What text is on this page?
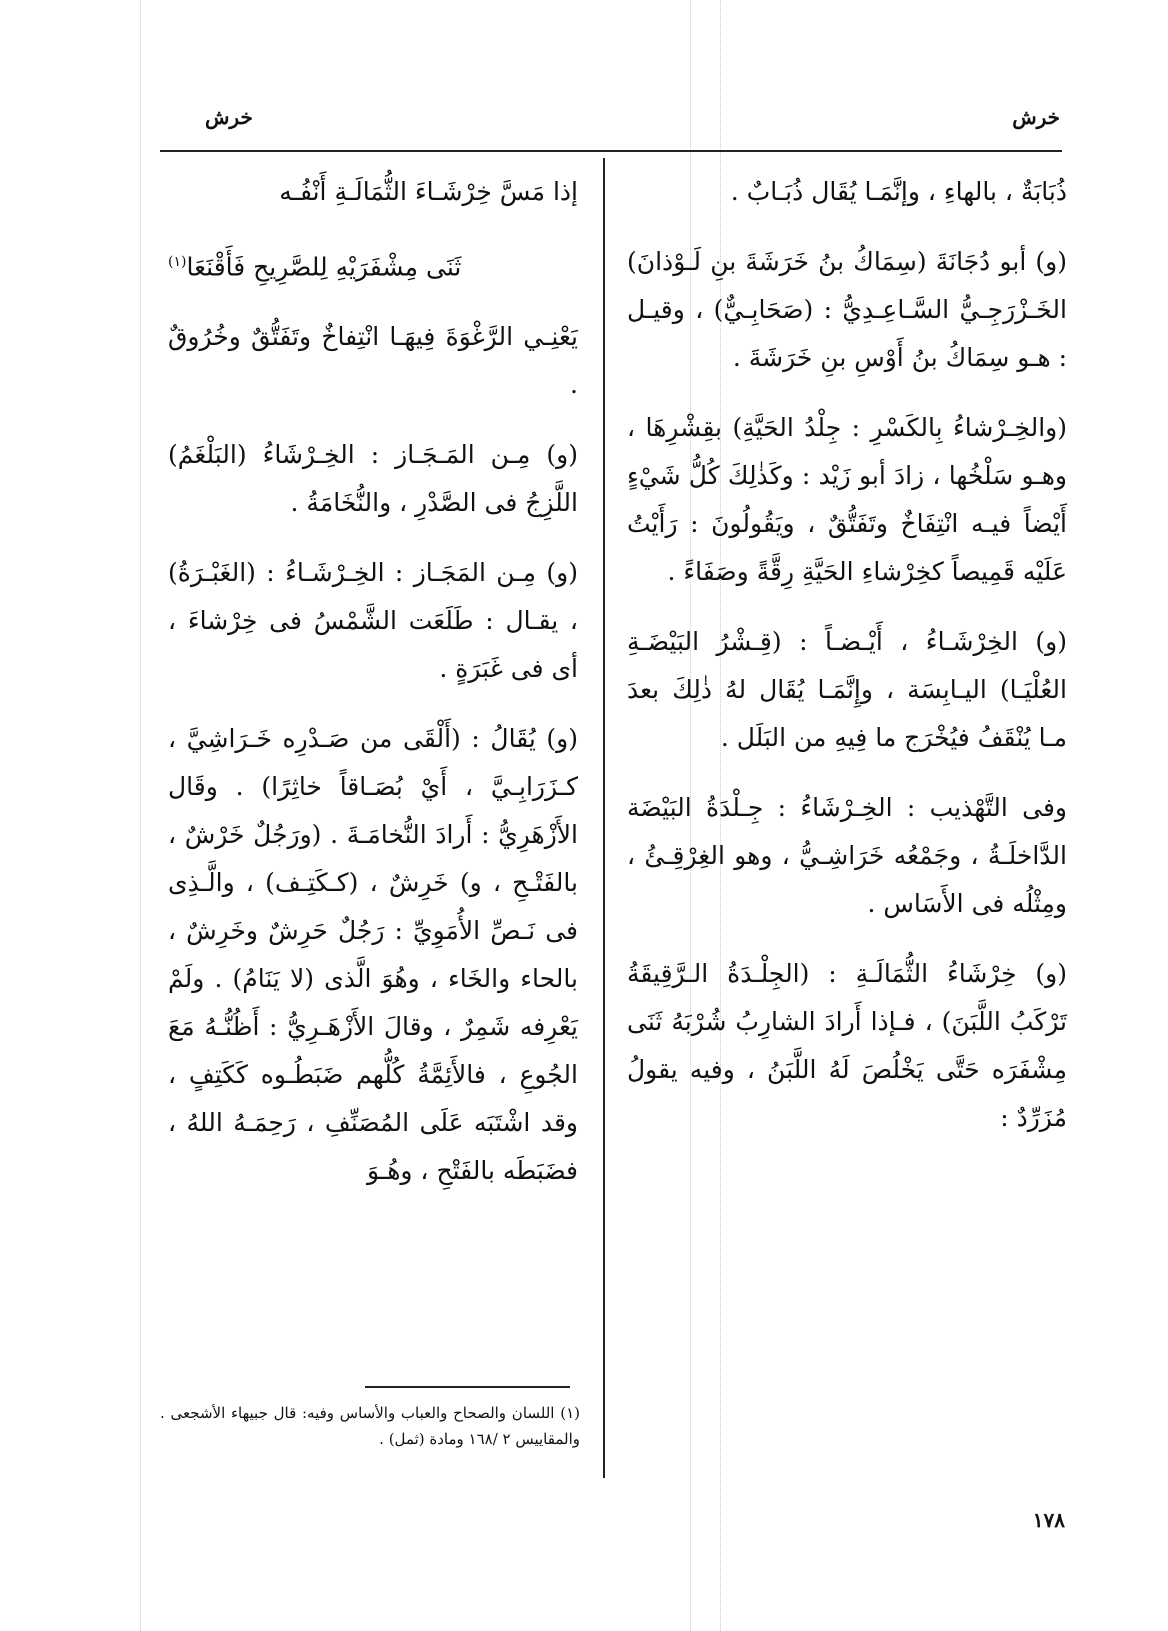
خرش
خرش

ذُبَابَةٌ ، بالهاءِ ، وإنَّمَـا يُقَال ذُبَـابٌ .

(و) أبو دُجَانَةَ (سِمَاكُ بنُ خَرَشَةَ بنِ لَـوْذانَ) الخَـزْرَجِـيُّ السَّـاعِـدِيُّ : (صَحَابِـيٌّ) ، وقيـل : هـو سِمَاكُ بنُ أَوْسِ بنِ خَرَشَةَ .

(والخِـرْشاءُ بِالكَسْرِ : جِلْدُ الحَيَّةِ) بقِشْرِهَا ، وهـو سَلْخُها ، زادَ أبو زَيْد : وكَذٰلِكَ كُلُّ شَيْءٍ أَيْضاً فيـه انْتِفَاخٌ وتَفَتُّقٌ ، ويَقُولُونَ : رَأَيْتُ عَلَيْه قَمِيصاً كخِرْشاءِ الحَيَّةِ رِقَّةً وصَفَاءً .

(و) الخِرْشَـاءُ ، أَيْـضـاً : (قِـشْرُ البَيْضَـةِ العُلْيَـا) اليـابِسَة ، وإِنَّمَـا يُقَال لهُ ذٰلِكَ بعدَ مـا يُنْقَفُ فيُخْرَج ما فِيهِ من البَلَل .

وفى التَّهْذيب : الخِـرْشَاءُ : جِـلْدَةُ البَيْضَة الدَّاخلَـةُ ، وجَمْعُه خَرَاشِـيُّ ، وهو الغِرْقِـئُ ، ومِثْلُه فى الأَسَاس .

(و) خِرْشَاءُ الثُّمَالَـةِ : (الجِلْـدَةُ الـرَّقِيقَةُ تَرْكَبُ اللَّبَنَ) ، فـإذا أَرادَ الشارِبُ شُرْبَهُ ثَنَى مِشْفَرَه حَتَّى يَخْلُصَ لَهُ اللَّبَنُ ، وفيه يقولُ مُزَرِّدٌ :

إذا مَسَّ خِرْشَـاءَ الثُّمَالَـةِ أَنْفُـه

ثَنَى مِشْفَرَيْهِ لِلصَّرِيحِ فَأَقْنَعَا$^{(١)}$

يَعْنِـي الرَّغْوَةَ فِيهَـا انْتِفاخٌ وتَفَتُّقٌ وخُرُوقٌ .

(و) مِـن المَـجَـاز : الخِـرْشَاءُ (البَلْغَمُ) اللَّزِجُ فى الصَّدْرِ ، والنُّخَامَةُ .

(و) مِـن المَجَـاز : الخِـرْشَـاءُ : (الغَبْـرَةُ) ، يقـال : طَلَعَت الشَّمْسُ فى خِرْشاءَ ، أى فى غَبَرَةٍ .

(و) يُقَالُ : (أَلْقَى من صَـدْرِه خَـرَاشِيَّ ، كـزَرَابِـيَّ ، أَيْ بُصَـاقاً خاثِرًا) . وقَال الأَزْهَرِيُّ : أَرادَ النُّخامَـةَ . (ورَجُلٌ خَرْشٌ ، بالفَتْـحِ ، و) خَرِشٌ ، (كـكَتِـف) ، والَّـذِى فى نَـصِّ الأُمَوِيِّ : رَجُلٌ حَرِشٌ وخَرِشٌ ، بالحاء والخَاء ، وهُوَ الَّذى (لا يَنَامُ) . ولَمْ يَعْرِفه شَمِرٌ ، وقالَ الأَزْهَـرِيُّ : أَظُنُّـهُ مَعَ الجُوعِ ، فالأَئِمَّةُ كُلُّهم ضَبَطُـوه كَكَتِفٍ ، وقد اشْتَبَه عَلَى المُصَنِّفِ ، رَحِمَـهُ اللهُ ، فضَبَطَه بالفَتْحِ ، وهُـوَ

(١) اللسان والصحاح والعباب والأساس وفيه: قال جبيهاء الأشجعى . والمقاييس ٢ /١٦٨ ومادة (ثمل) .
١٧٨
